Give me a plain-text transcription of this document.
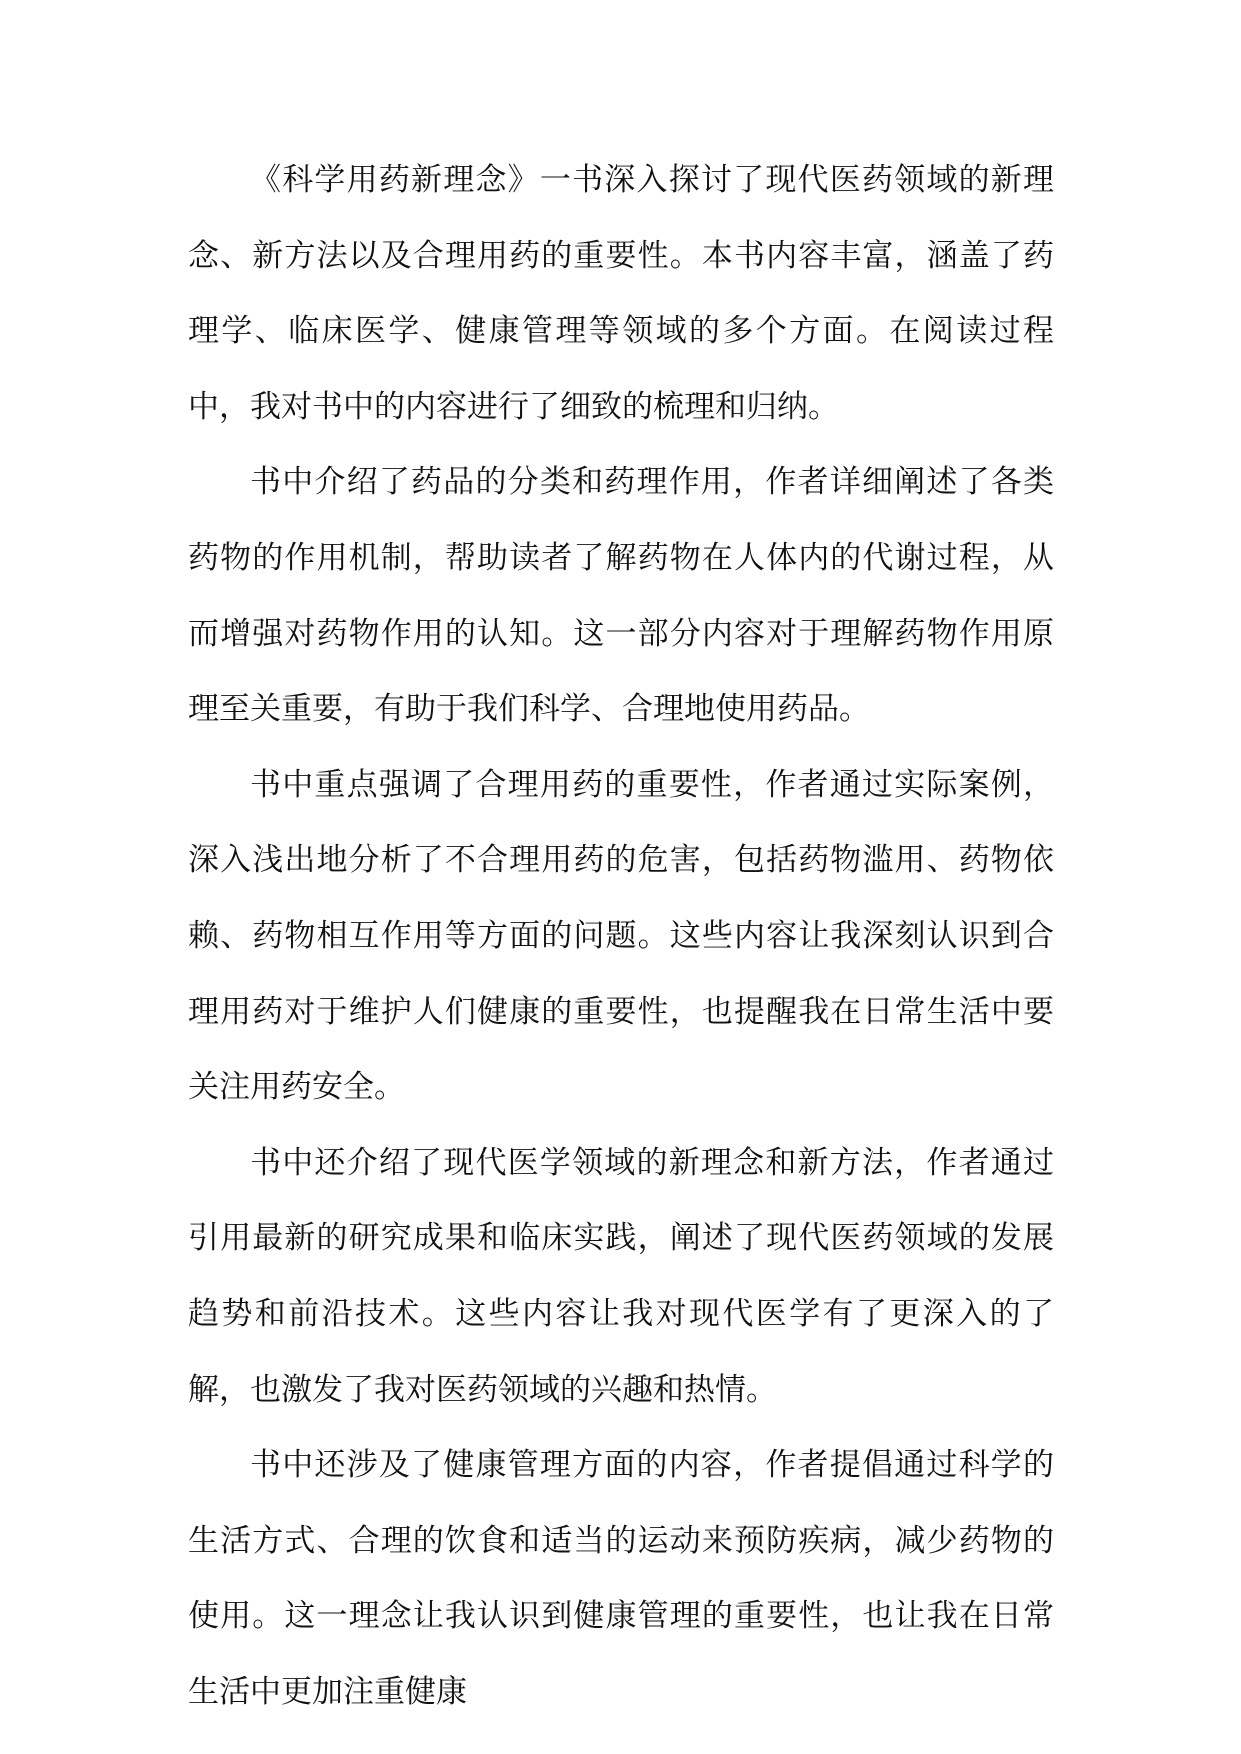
《科学用药新理念》一书深入探讨了现代医药领域的新理念、新方法以及合理用药的重要性。本书内容丰富，涵盖了药理学、临床医学、健康管理等领域的多个方面。在阅读过程中，我对书中的内容进行了细致的梳理和归纳。

书中介绍了药品的分类和药理作用，作者详细阐述了各类药物的作用机制，帮助读者了解药物在人体内的代谢过程，从而增强对药物作用的认知。这一部分内容对于理解药物作用原理至关重要，有助于我们科学、合理地使用药品。

书中重点强调了合理用药的重要性，作者通过实际案例，深入浅出地分析了不合理用药的危害，包括药物滥用、药物依赖、药物相互作用等方面的问题。这些内容让我深刻认识到合理用药对于维护人们健康的重要性，也提醒我在日常生活中要关注用药安全。

书中还介绍了现代医学领域的新理念和新方法，作者通过引用最新的研究成果和临床实践，阐述了现代医药领域的发展趋势和前沿技术。这些内容让我对现代医学有了更深入的了解，也激发了我对医药领域的兴趣和热情。

书中还涉及了健康管理方面的内容，作者提倡通过科学的生活方式、合理的饮食和适当的运动来预防疾病，减少药物的使用。这一理念让我认识到健康管理的重要性，也让我在日常生活中更加注重健康
